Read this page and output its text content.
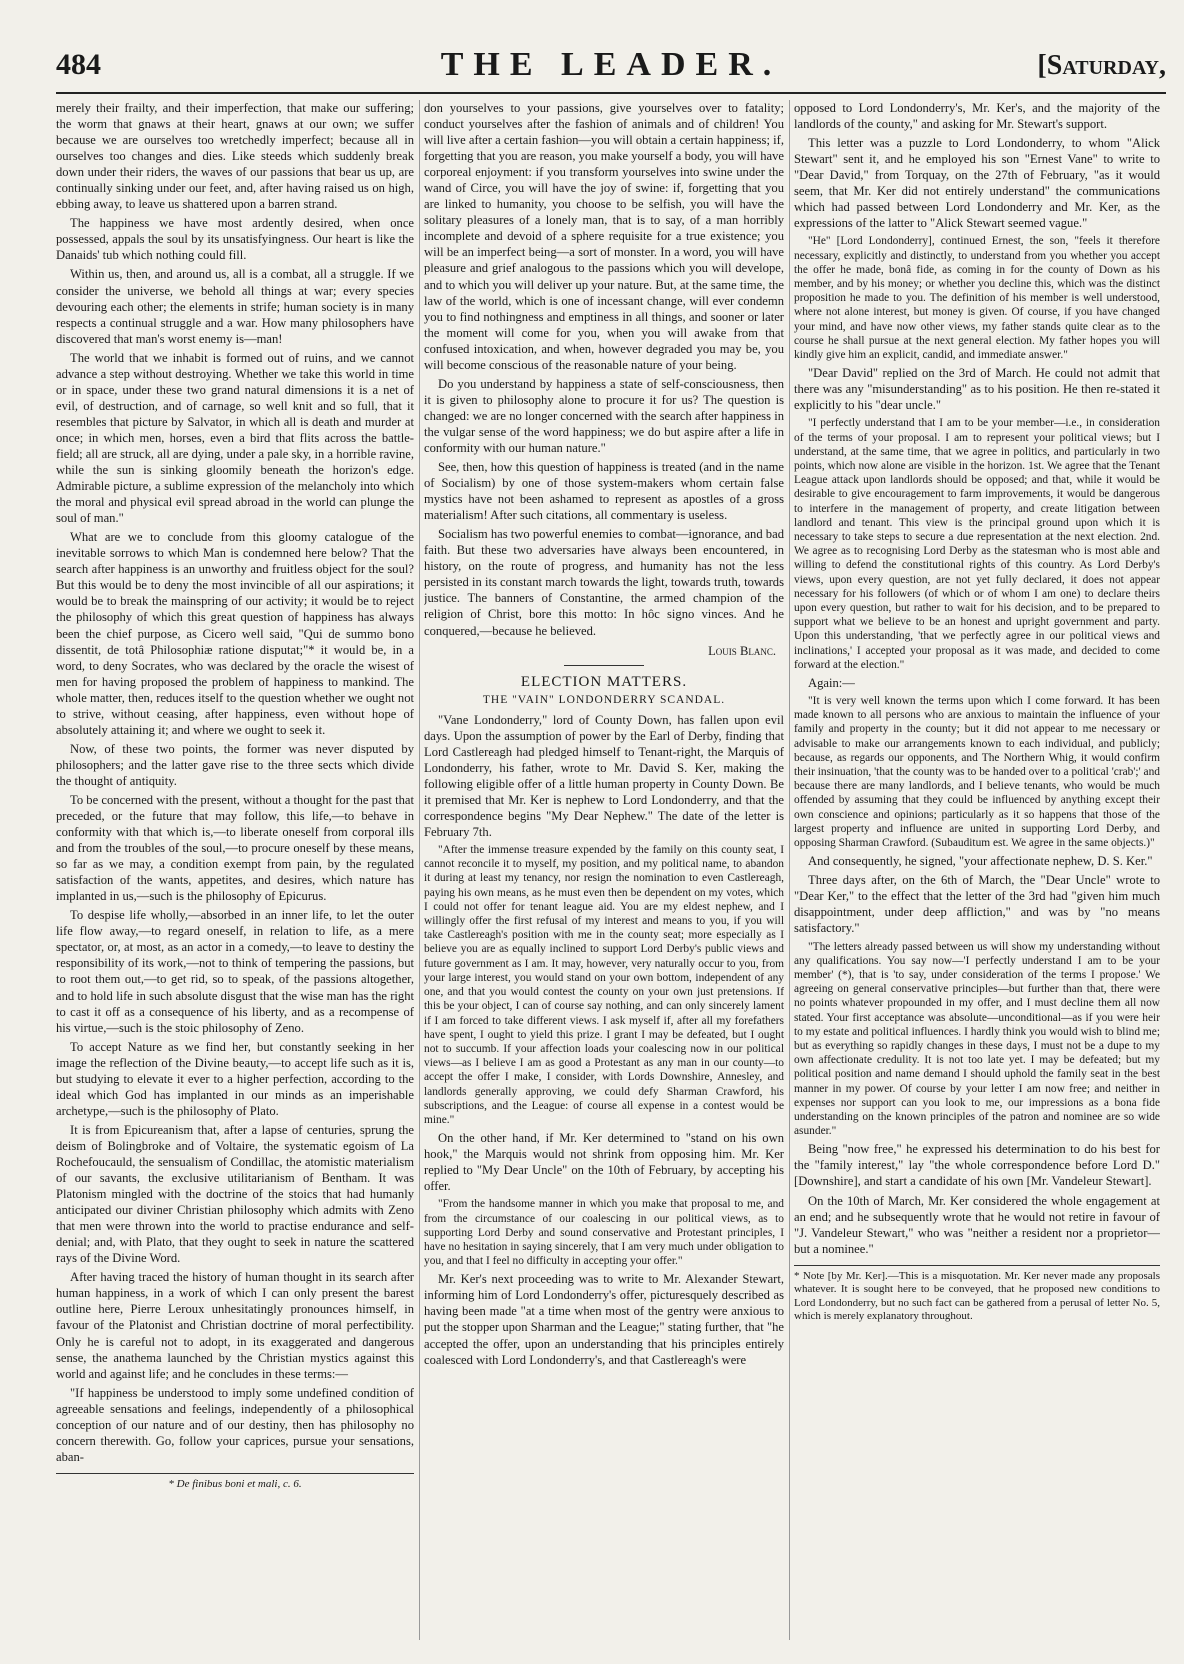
484	THE LEADER.	[Saturday,

merely their frailty, and their imperfection, that make our suffering; the worm that gnaws at their heart, gnaws at our own; we suffer because we are ourselves too wretchedly imperfect; because all in ourselves too changes and dies. Like steeds which suddenly break down under their riders, the waves of our passions that bear us up, are continually sinking under our feet, and, after having raised us on high, ebbing away, to leave us shattered upon a barren strand.

The happiness we have most ardently desired, when once possessed, appals the soul by its unsatisfyingness. Our heart is like the Danaids' tub which nothing could fill.

Within us, then, and around us, all is a combat, all a struggle. If we consider the universe, we behold all things at war; every species devouring each other; the elements in strife; human society is in many respects a continual struggle and a war. How many philosophers have discovered that man's worst enemy is—man!

The world that we inhabit is formed out of ruins, and we cannot advance a step without destroying. Whether we take this world in time or in space, under these two grand natural dimensions it is a net of evil, of destruction, and of carnage, so well knit and so full, that it resembles that picture by Salvator, in which all is death and murder at once; in which men, horses, even a bird that flits across the battle-field; all are struck, all are dying, under a pale sky, in a horrible ravine, while the sun is sinking gloomily beneath the horizon's edge. Admirable picture, a sublime expression of the melancholy into which the moral and physical evil spread abroad in the world can plunge the soul of man."

What are we to conclude from this gloomy catalogue of the inevitable sorrows to which Man is condemned here below? That the search after happiness is an unworthy and fruitless object for the soul? But this would be to deny the most invincible of all our aspirations; it would be to break the mainspring of our activity; it would be to reject the philosophy of which this great question of happiness has always been the chief purpose, as Cicero well said, "Qui de summo bono dissentit, de totâ Philosophiæ ratione disputat;"* it would be, in a word, to deny Socrates, who was declared by the oracle the wisest of men for having proposed the problem of happiness to mankind. The whole matter, then, reduces itself to the question whether we ought not to strive, without ceasing, after happiness, even without hope of absolutely attaining it; and where we ought to seek it.

Now, of these two points, the former was never disputed by philosophers; and the latter gave rise to the three sects which divide the thought of antiquity.

To be concerned with the present, without a thought for the past that preceded, or the future that may follow, this life,—to behave in conformity with that which is,—to liberate oneself from corporal ills and from the troubles of the soul,—to procure oneself by these means, so far as we may, a condition exempt from pain, by the regulated satisfaction of the wants, appetites, and desires, which nature has implanted in us,—such is the philosophy of Epicurus.

To despise life wholly,—absorbed in an inner life, to let the outer life flow away,—to regard oneself, in relation to life, as a mere spectator, or, at most, as an actor in a comedy,—to leave to destiny the responsibility of its work,—not to think of tempering the passions, but to root them out,—to get rid, so to speak, of the passions altogether, and to hold life in such absolute disgust that the wise man has the right to cast it off as a consequence of his liberty, and as a recompense of his virtue,—such is the stoic philosophy of Zeno.

To accept Nature as we find her, but constantly seeking in her image the reflection of the Divine beauty,—to accept life such as it is, but studying to elevate it ever to a higher perfection, according to the ideal which God has implanted in our minds as an imperishable archetype,—such is the philosophy of Plato.

It is from Epicureanism that, after a lapse of centuries, sprung the deism of Bolingbroke and of Voltaire, the systematic egoism of La Rochefoucauld, the sensualism of Condillac, the atomistic materialism of our savants, the exclusive utilitarianism of Bentham. It was Platonism mingled with the doctrine of the stoics that had humanly anticipated our diviner Christian philosophy which admits with Zeno that men were thrown into the world to practise endurance and self-denial; and, with Plato, that they ought to seek in nature the scattered rays of the Divine Word.

After having traced the history of human thought in its search after human happiness, in a work of which I can only present the barest outline here, Pierre Leroux unhesitatingly pronounces himself, in favour of the Platonist and Christian doctrine of moral perfectibility. Only he is careful not to adopt, in its exaggerated and dangerous sense, the anathema launched by the Christian mystics against this world and against life; and he concludes in these terms:—

"If happiness be understood to imply some undefined condition of agreeable sensations and feelings, independently of a philosophical conception of our nature and of our destiny, then has philosophy no concern therewith. Go, follow your caprices, pursue your sensations, aban-

* De finibus boni et mali, c. 6.

don yourselves to your passions, give yourselves over to fatality; conduct yourselves after the fashion of animals and of children! You will live after a certain fashion—you will obtain a certain happiness; if, forgetting that you are reason, you make yourself a body, you will have corporeal enjoyment: if you transform yourselves into swine under the wand of Circe, you will have the joy of swine: if, forgetting that you are linked to humanity, you choose to be selfish, you will have the solitary pleasures of a lonely man, that is to say, of a man horribly incomplete and devoid of a sphere requisite for a true existence; you will be an imperfect being—a sort of monster. In a word, you will have pleasure and grief analogous to the passions which you will develope, and to which you will deliver up your nature. But, at the same time, the law of the world, which is one of incessant change, will ever condemn you to find nothingness and emptiness in all things, and sooner or later the moment will come for you, when you will awake from that confused intoxication, and when, however degraded you may be, you will become conscious of the reasonable nature of your being.

Do you understand by happiness a state of self-consciousness, then it is given to philosophy alone to procure it for us? The question is changed: we are no longer concerned with the search after happiness in the vulgar sense of the word happiness; we do but aspire after a life in conformity with our human nature."

See, then, how this question of happiness is treated (and in the name of Socialism) by one of those system-makers whom certain false mystics have not been ashamed to represent as apostles of a gross materialism! After such citations, all commentary is useless.

Socialism has two powerful enemies to combat—ignorance, and bad faith. But these two adversaries have always been encountered, in history, on the route of progress, and humanity has not the less persisted in its constant march towards the light, towards truth, towards justice. The banners of Constantine, the armed champion of the religion of Christ, bore this motto: In hôc signo vinces. And he conquered,—because he believed.

Louis Blanc.

ELECTION MATTERS.
THE "VAIN" LONDONDERRY SCANDAL.

"Vane Londonderry," lord of County Down, has fallen upon evil days. Upon the assumption of power by the Earl of Derby, finding that Lord Castlereagh had pledged himself to Tenant-right, the Marquis of Londonderry, his father, wrote to Mr. David S. Ker, making the following eligible offer of a little human property in County Down. Be it premised that Mr. Ker is nephew to Lord Londonderry, and that the correspondence begins "My Dear Nephew." The date of the letter is February 7th.

"After the immense treasure expended by the family on this county seat, I cannot reconcile it to myself, my position, and my political name, to abandon it during at least my tenancy, nor resign the nomination to even Castlereagh, paying his own means, as he must even then be dependent on my votes, which I could not offer for tenant league aid. You are my eldest nephew, and I willingly offer the first refusal of my interest and means to you, if you will take Castlereagh's position with me in the county seat; more especially as I believe you are as equally inclined to support Lord Derby's public views and future government as I am. It may, however, very naturally occur to you, from your large interest, you would stand on your own bottom, independent of any one, and that you would contest the county on your own just pretensions. If this be your object, I can of course say nothing, and can only sincerely lament if I am forced to take different views. I ask myself if, after all my forefathers have spent, I ought to yield this prize. I grant I may be defeated, but I ought not to succumb. If your affection loads your coalescing now in our political views—as I believe I am as good a Protestant as any man in our county—to accept the offer I make, I consider, with Lords Downshire, Annesley, and landlords generally approving, we could defy Sharman Crawford, his subscriptions, and the League: of course all expense in a contest would be mine."

On the other hand, if Mr. Ker determined to "stand on his own hook," the Marquis would not shrink from opposing him. Mr. Ker replied to "My Dear Uncle" on the 10th of February, by accepting his offer.

"From the handsome manner in which you make that proposal to me, and from the circumstance of our coalescing in our political views, as to supporting Lord Derby and sound conservative and Protestant principles, I have no hesitation in saying sincerely, that I am very much under obligation to you, and that I feel no difficulty in accepting your offer."

Mr. Ker's next proceeding was to write to Mr. Alexander Stewart, informing him of Lord Londonderry's offer, picturesquely described as having been made "at a time when most of the gentry were anxious to put the stopper upon Sharman and the League;" stating further, that "he accepted the offer, upon an understanding that his principles entirely coalesced with Lord Londonderry's, and that Castlereagh's were

opposed to Lord Londonderry's, Mr. Ker's, and the majority of the landlords of the county," and asking for Mr. Stewart's support.

This letter was a puzzle to Lord Londonderry, to whom "Alick Stewart" sent it, and he employed his son "Ernest Vane" to write to "Dear David," from Torquay, on the 27th of February, "as it would seem, that Mr. Ker did not entirely understand" the communications which had passed between Lord Londonderry and Mr. Ker, as the expressions of the latter to "Alick Stewart seemed vague."

"He" [Lord Londonderry], continued Ernest, the son, "feels it therefore necessary, explicitly and distinctly, to understand from you whether you accept the offer he made, bonâ fide, as coming in for the county of Down as his member, and by his money; or whether you decline this, which was the distinct proposition he made to you. The definition of his member is well understood, where not alone interest, but money is given. Of course, if you have changed your mind, and have now other views, my father stands quite clear as to the course he shall pursue at the next general election. My father hopes you will kindly give him an explicit, candid, and immediate answer."

"Dear David" replied on the 3rd of March. He could not admit that there was any "misunderstanding" as to his position. He then re-stated it explicitly to his "dear uncle."

"I perfectly understand that I am to be your member—i.e., in consideration of the terms of your proposal. I am to represent your political views; but I understand, at the same time, that we agree in politics, and particularly in two points, which now alone are visible in the horizon. 1st. We agree that the Tenant League attack upon landlords should be opposed; and that, while it would be desirable to give encouragement to farm improvements, it would be dangerous to interfere in the management of property, and create litigation between landlord and tenant. This view is the principal ground upon which it is necessary to take steps to secure a due representation at the next election. 2nd. We agree as to recognising Lord Derby as the statesman who is most able and willing to defend the constitutional rights of this country. As Lord Derby's views, upon every question, are not yet fully declared, it does not appear necessary for his followers (of which or of whom I am one) to declare theirs upon every question, but rather to wait for his decision, and to be prepared to support what we believe to be an honest and upright government and party. Upon this understanding, 'that we perfectly agree in our political views and inclinations,' I accepted your proposal as it was made, and decided to come forward at the election."

Again:—

"It is very well known the terms upon which I come forward. It has been made known to all persons who are anxious to maintain the influence of your family and property in the county; but it did not appear to me necessary or advisable to make our arrangements known to each individual, and publicly; because, as regards our opponents, and The Northern Whig, it would confirm their insinuation, 'that the county was to be handed over to a political 'crab';' and because there are many landlords, and I believe tenants, who would be much offended by assuming that they could be influenced by anything except their own conscience and opinions; particularly as it so happens that those of the largest property and influence are united in supporting Lord Derby, and opposing Sharman Crawford. (Subauditum est. We agree in the same objects.)"

And consequently, he signed, "your affectionate nephew, D. S. Ker."

Three days after, on the 6th of March, the "Dear Uncle" wrote to "Dear Ker," to the effect that the letter of the 3rd had "given him much disappointment, under deep affliction," and was by "no means satisfactory."

"The letters already passed between us will show my understanding without any qualifications. You say now—'I perfectly understand I am to be your member' (*), that is 'to say, under consideration of the terms I propose.' We agreeing on general conservative principles—but further than that, there were no points whatever propounded in my offer, and I must decline them all now stated. Your first acceptance was absolute—unconditional—as if you were heir to my estate and political influences. I hardly think you would wish to blind me; but as everything so rapidly changes in these days, I must not be a dupe to my own affectionate credulity. It is not too late yet. I may be defeated; but my political position and name demand I should uphold the family seat in the best manner in my power. Of course by your letter I am now free; and neither in expenses nor support can you look to me, our impressions as a bona fide understanding on the known principles of the patron and nominee are so wide asunder."

Being "now free," he expressed his determination to do his best for the "family interest," lay "the whole correspondence before Lord D." [Downshire], and start a candidate of his own [Mr. Vandeleur Stewart].

On the 10th of March, Mr. Ker considered the whole engagement at an end; and he subsequently wrote that he would not retire in favour of "J. Vandeleur Stewart," who was "neither a resident nor a proprietor—but a nominee."

* Note [by Mr. Ker].—This is a misquotation. Mr. Ker never made any proposals whatever. It is sought here to be conveyed, that he proposed new conditions to Lord Londonderry, but no such fact can be gathered from a perusal of letter No. 5, which is merely explanatory throughout.
